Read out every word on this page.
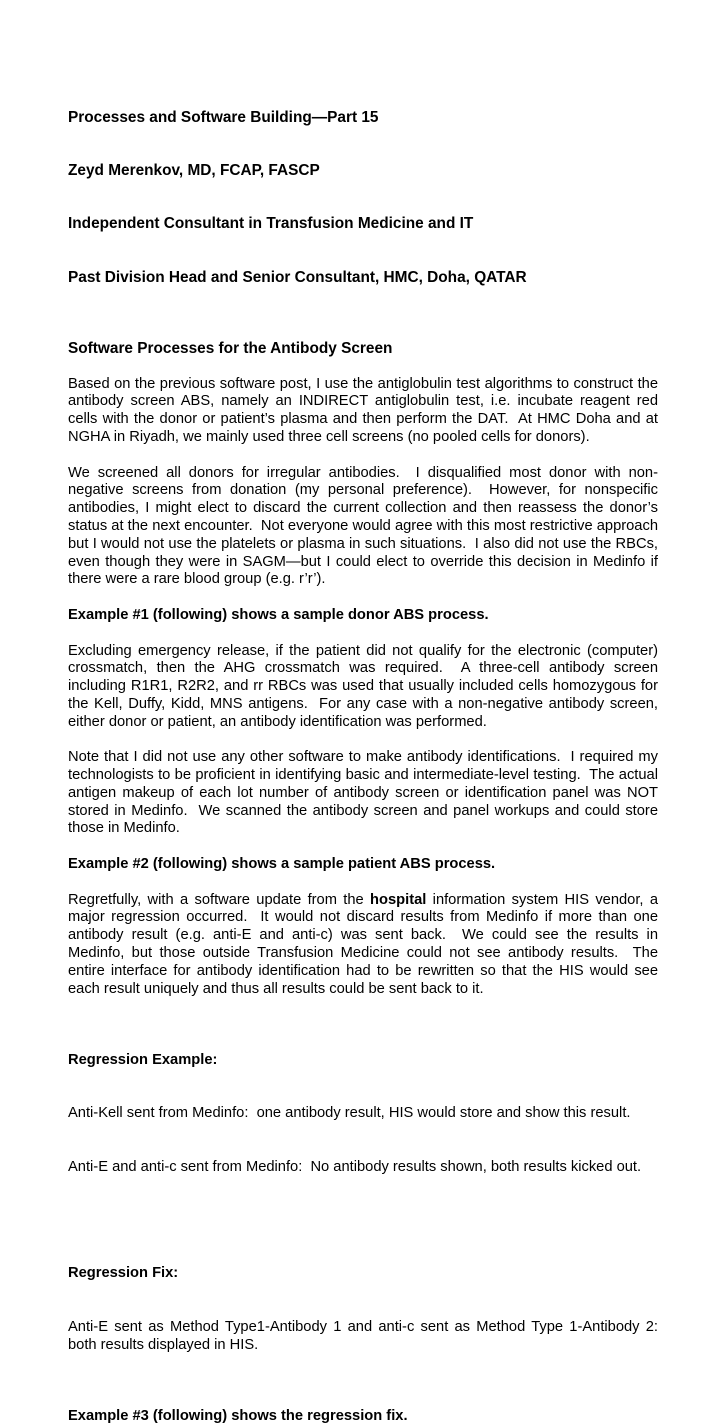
Processes and Software Building—Part 15

Zeyd Merenkov, MD, FCAP, FASCP

Independent Consultant in Transfusion Medicine and IT

Past Division Head and Senior Consultant, HMC, Doha, QATAR

Software Processes for the Antibody Screen
Based on the previous software post, I use the antiglobulin test algorithms to construct the antibody screen ABS, namely an INDIRECT antiglobulin test, i.e. incubate reagent red cells with the donor or patient’s plasma and then perform the DAT.  At HMC Doha and at NGHA in Riyadh, we mainly used three cell screens (no pooled cells for donors).
We screened all donors for irregular antibodies.  I disqualified most donor with non-negative screens from donation (my personal preference).  However, for nonspecific antibodies, I might elect to discard the current collection and then reassess the donor’s status at the next encounter.  Not everyone would agree with this most restrictive approach but I would not use the platelets or plasma in such situations.  I also did not use the RBCs, even though they were in SAGM—but I could elect to override this decision in Medinfo if there were a rare blood group (e.g. r’r’).
Example #1 (following) shows a sample donor ABS process.
Excluding emergency release, if the patient did not qualify for the electronic (computer) crossmatch, then the AHG crossmatch was required.  A three-cell antibody screen including R1R1, R2R2, and rr RBCs was used that usually included cells homozygous for the Kell, Duffy, Kidd, MNS antigens.  For any case with a non-negative antibody screen, either donor or patient, an antibody identification was performed.
Note that I did not use any other software to make antibody identifications.  I required my technologists to be proficient in identifying basic and intermediate-level testing.  The actual antigen makeup of each lot number of antibody screen or identification panel was NOT stored in Medinfo.  We scanned the antibody screen and panel workups and could store those in Medinfo.
Example #2 (following) shows a sample patient ABS process.
Regretfully, with a software update from the hospital information system HIS vendor, a major regression occurred.  It would not discard results from Medinfo if more than one antibody result (e.g. anti-E and anti-c) was sent back.  We could see the results in Medinfo, but those outside Transfusion Medicine could not see antibody results.  The entire interface for antibody identification had to be rewritten so that the HIS would see each result uniquely and thus all results could be sent back to it.

Regression Example:

Anti-Kell sent from Medinfo:  one antibody result, HIS would store and show this result.

Anti-E and anti-c sent from Medinfo:  No antibody results shown, both results kicked out.

Regression Fix:

Anti-E sent as Method Type1-Antibody 1 and anti-c sent as Method Type 1-Antibody 2:  both results displayed in HIS.

Example #3 (following) shows the regression fix.
